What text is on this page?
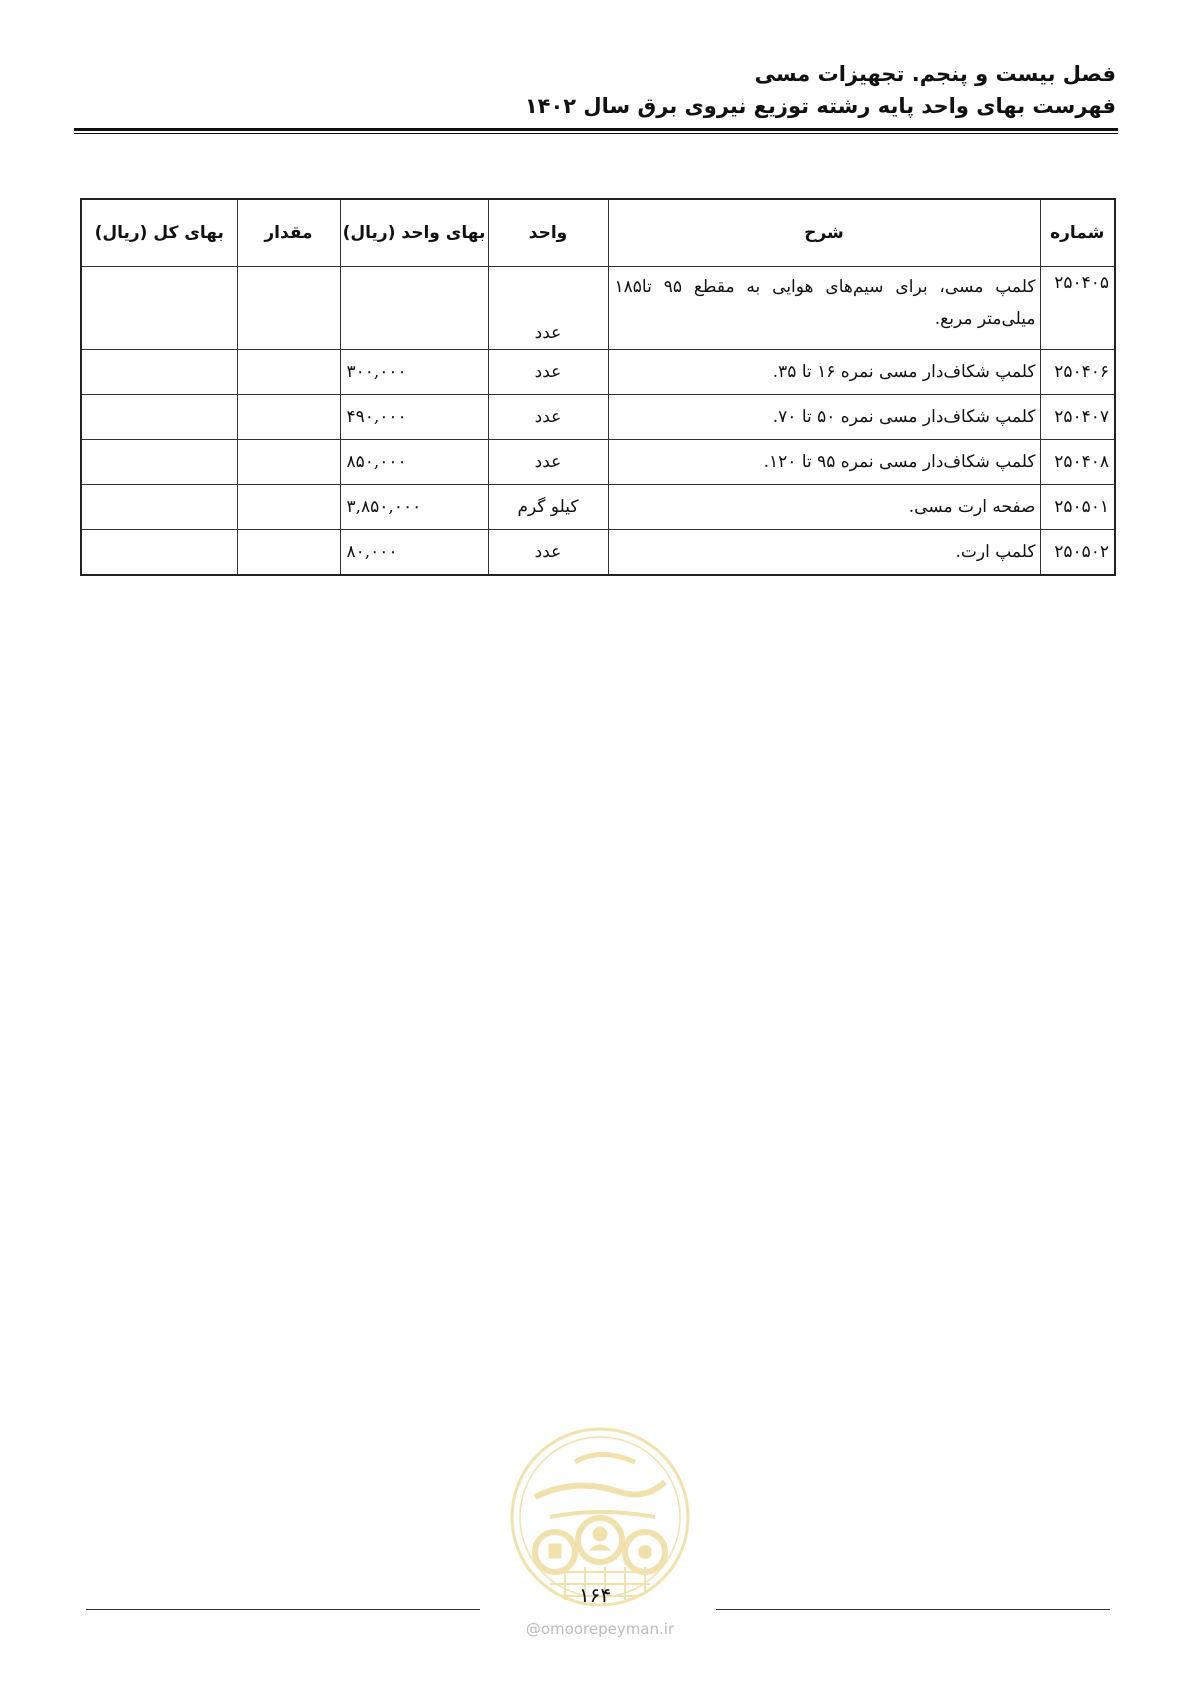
فصل بیست و پنجم. تجهیزات مسی
فهرست بهای واحد پایه رشته توزیع نیروی برق سال ۱۴۰۲
شماره	شرح	واحد	بهای واحد (ریال)	مقدار	بهای کل (ریال)
۲۵۰۴۰۵	کلمپ مسی، برای سیم‌های هوایی به مقطع ۹۵ تا۱۸۵
میلی‌متر مربع.	عدد			
۲۵۰۴۰۶	کلمپ شکاف‌دار مسی نمره ۱۶ تا ۳۵.	عدد	۳۰۰,۰۰۰		
۲۵۰۴۰۷	کلمپ شکاف‌دار مسی نمره ۵۰ تا ۷۰.	عدد	۴۹۰,۰۰۰		
۲۵۰۴۰۸	کلمپ شکاف‌دار مسی نمره ۹۵ تا ۱۲۰.	عدد	۸۵۰,۰۰۰		
۲۵۰۵۰۱	صفحه ارت مسی.	کیلو گرم	۳,۸۵۰,۰۰۰		
۲۵۰۵۰۲	کلمپ ارت.	عدد	۸۰,۰۰۰		
۱۶۴
@omoorepeyman.ir
